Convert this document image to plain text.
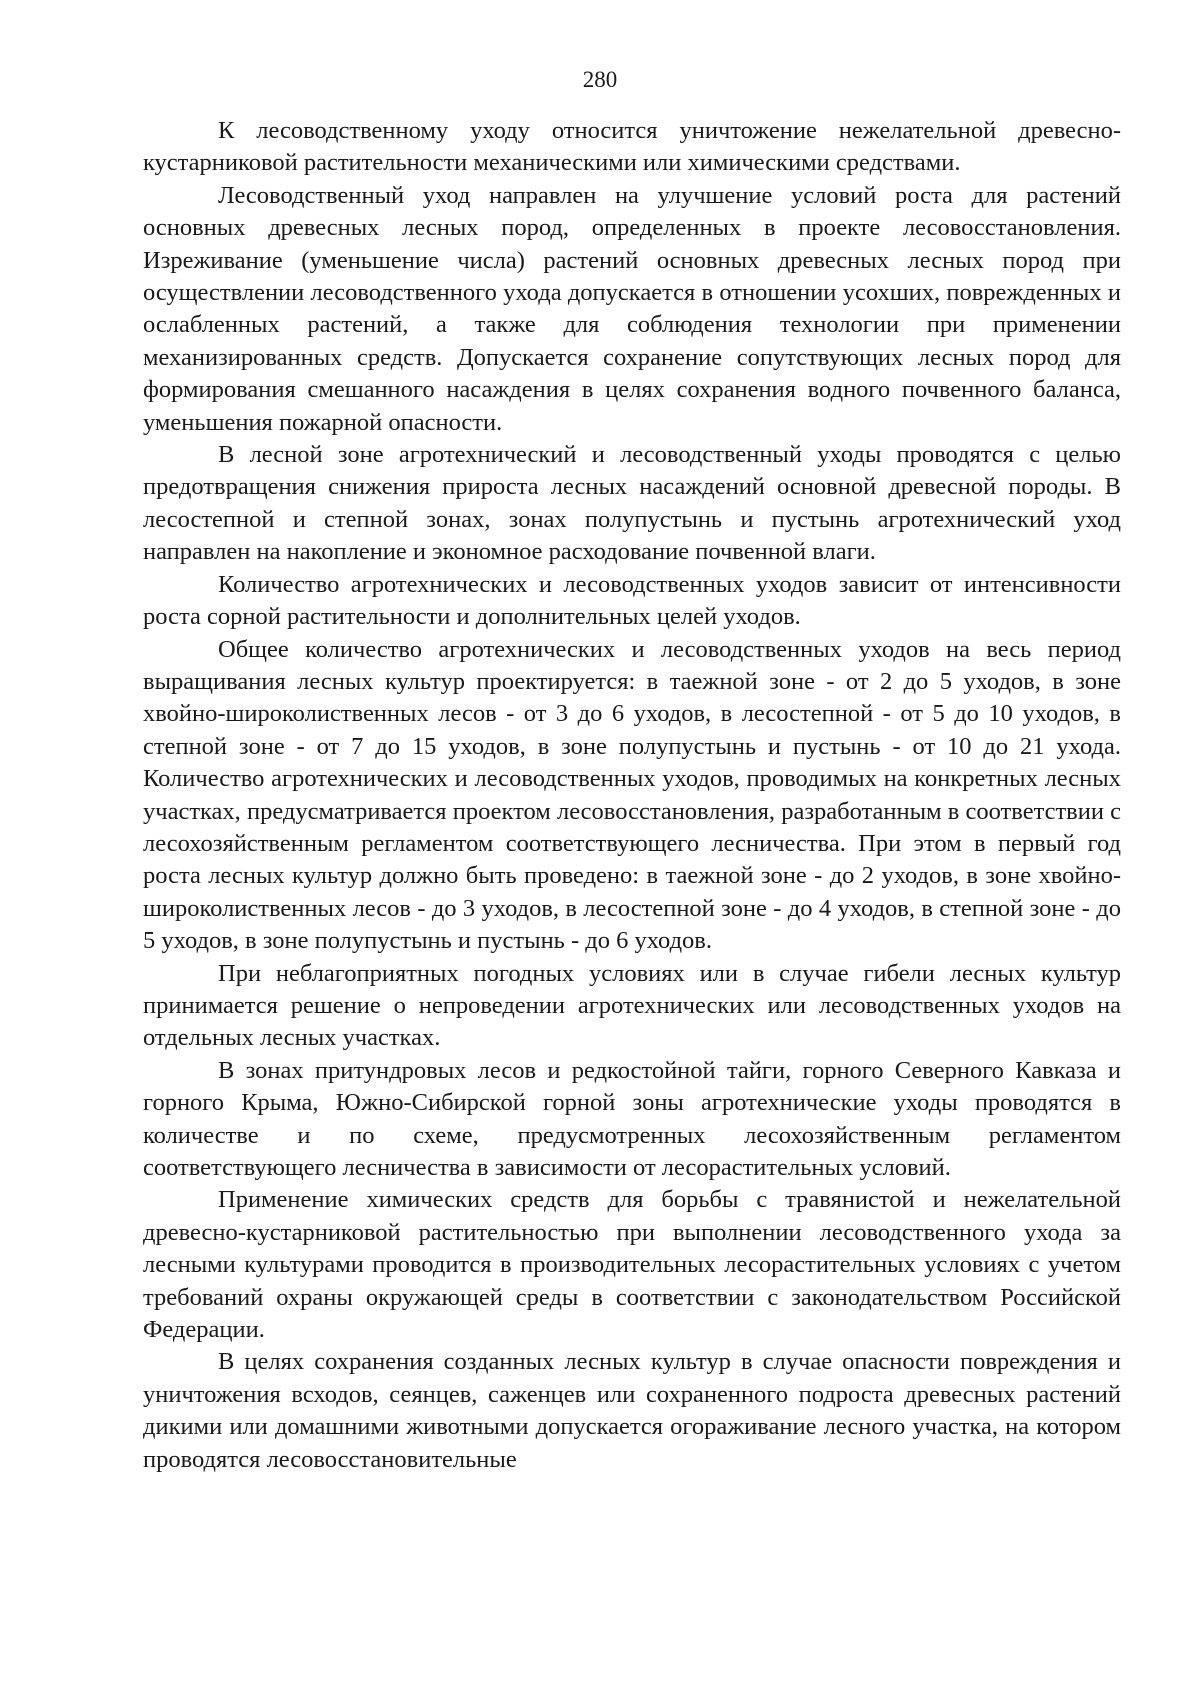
280

К лесоводственному уходу относится уничтожение нежелательной древесно-кустарниковой растительности механическими или химическими средствами.

Лесоводственный уход направлен на улучшение условий роста для растений основных древесных лесных пород, определенных в проекте лесовосстановления. Изреживание (уменьшение числа) растений основных древесных лесных пород при осуществлении лесоводственного ухода допускается в отношении усохших, поврежденных и ослабленных растений, а также для соблюдения технологии при применении механизированных средств. Допускается сохранение сопутствующих лесных пород для формирования смешанного насаждения в целях сохранения водного почвенного баланса, уменьшения пожарной опасности.

В лесной зоне агротехнический и лесоводственный уходы проводятся с целью предотвращения снижения прироста лесных насаждений основной древесной породы. В лесостепной и степной зонах, зонах полупустынь и пустынь агротехнический уход направлен на накопление и экономное расходование почвенной влаги.

Количество агротехнических и лесоводственных уходов зависит от интенсивности роста сорной растительности и дополнительных целей уходов.

Общее количество агротехнических и лесоводственных уходов на весь период выращивания лесных культур проектируется: в таежной зоне - от 2 до 5 уходов, в зоне хвойно-широколиственных лесов - от 3 до 6 уходов, в лесостепной - от 5 до 10 уходов, в степной зоне - от 7 до 15 уходов, в зоне полупустынь и пустынь - от 10 до 21 ухода. Количество агротехнических и лесоводственных уходов, проводимых на конкретных лесных участках, предусматривается проектом лесовосстановления, разработанным в соответствии с лесохозяйственным регламентом соответствующего лесничества. При этом в первый год роста лесных культур должно быть проведено: в таежной зоне - до 2 уходов, в зоне хвойно-широколиственных лесов - до 3 уходов, в лесостепной зоне - до 4 уходов, в степной зоне - до 5 уходов, в зоне полупустынь и пустынь - до 6 уходов.

При неблагоприятных погодных условиях или в случае гибели лесных культур принимается решение о непроведении агротехнических или лесоводственных уходов на отдельных лесных участках.

В зонах притундровых лесов и редкостойной тайги, горного Северного Кавказа и горного Крыма, Южно-Сибирской горной зоны агротехнические уходы проводятся в количестве и по схеме, предусмотренных лесохозяйственным регламентом соответствующего лесничества в зависимости от лесорастительных условий.

Применение химических средств для борьбы с травянистой и нежелательной древесно-кустарниковой растительностью при выполнении лесоводственного ухода за лесными культурами проводится в производительных лесорастительных условиях с учетом требований охраны окружающей среды в соответствии с законодательством Российской Федерации.

В целях сохранения созданных лесных культур в случае опасности повреждения и уничтожения всходов, сеянцев, саженцев или сохраненного подроста древесных растений дикими или домашними животными допускается огораживание лесного участка, на котором проводятся лесовосстановительные
